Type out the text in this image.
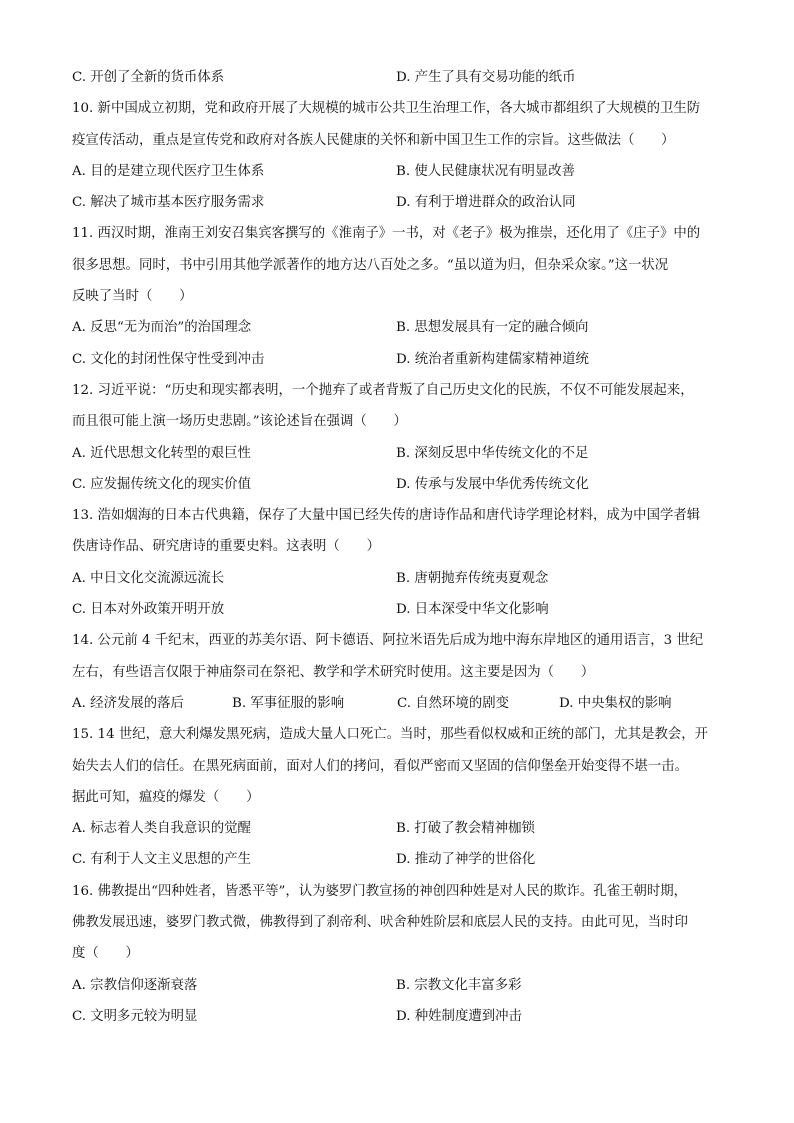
C. 开创了全新的货币体系	D. 产生了具有交易功能的纸币
10. 新中国成立初期，党和政府开展了大规模的城市公共卫生治理工作，各大城市都组织了大规模的卫生防
疫宣传活动，重点是宣传党和政府对各族人民健康的关怀和新中国卫生工作的宗旨。这些做法（　　）
A. 目的是建立现代医疗卫生体系	B. 使人民健康状况有明显改善
C. 解决了城市基本医疗服务需求	D. 有利于增进群众的政治认同
11. 西汉时期，淮南王刘安召集宾客撰写的《淮南子》一书，对《老子》极为推崇，还化用了《庄子》中的
很多思想。同时，书中引用其他学派著作的地方达八百处之多。“虽以道为归，但杂采众家。”这一状况
反映了当时（　　）
A. 反思“无为而治”的治国理念	B. 思想发展具有一定的融合倾向
C. 文化的封闭性保守性受到冲击	D. 统治者重新构建儒家精神道统
12. 习近平说：“历史和现实都表明，一个抛弃了或者背叛了自己历史文化的民族，不仅不可能发展起来，
而且很可能上演一场历史悲剧。”该论述旨在强调（　　）
A. 近代思想文化转型的艰巨性	B. 深刻反思中华传统文化的不足
C. 应发掘传统文化的现实价值	D. 传承与发展中华优秀传统文化
13. 浩如烟海的日本古代典籍，保存了大量中国已经失传的唐诗作品和唐代诗学理论材料，成为中国学者辑
佚唐诗作品、研究唐诗的重要史料。这表明（　　）
A. 中日文化交流源远流长	B. 唐朝抛弃传统夷夏观念
C. 日本对外政策开明开放	D. 日本深受中华文化影响
14. 公元前 4 千纪末，西亚的苏美尔语、阿卡德语、阿拉米语先后成为地中海东岸地区的通用语言，3 世纪
左右，有些语言仅限于神庙祭司在祭祀、教学和学术研究时使用。这主要是因为（　　）
A. 经济发展的落后	B. 军事征服的影响	C. 自然环境的剧变	D. 中央集权的影响
15. 14 世纪，意大利爆发黑死病，造成大量人口死亡。当时，那些看似权威和正统的部门，尤其是教会，开
始失去人们的信任。在黑死病面前，面对人们的拷问，看似严密而又坚固的信仰堡垒开始变得不堪一击。
据此可知，瘟疫的爆发（　　）
A. 标志着人类自我意识的觉醒	B. 打破了教会精神枷锁
C. 有利于人文主义思想的产生	D. 推动了神学的世俗化
16. 佛教提出“四种姓者，皆悉平等”，认为婆罗门教宣扬的神创四种姓是对人民的欺诈。孔雀王朝时期，
佛教发展迅速，婆罗门教式微，佛教得到了刹帝利、吠舍种姓阶层和底层人民的支持。由此可见，当时印
度（　　）
A. 宗教信仰逐渐衰落	B. 宗教文化丰富多彩
C. 文明多元较为明显	D. 种姓制度遭到冲击
